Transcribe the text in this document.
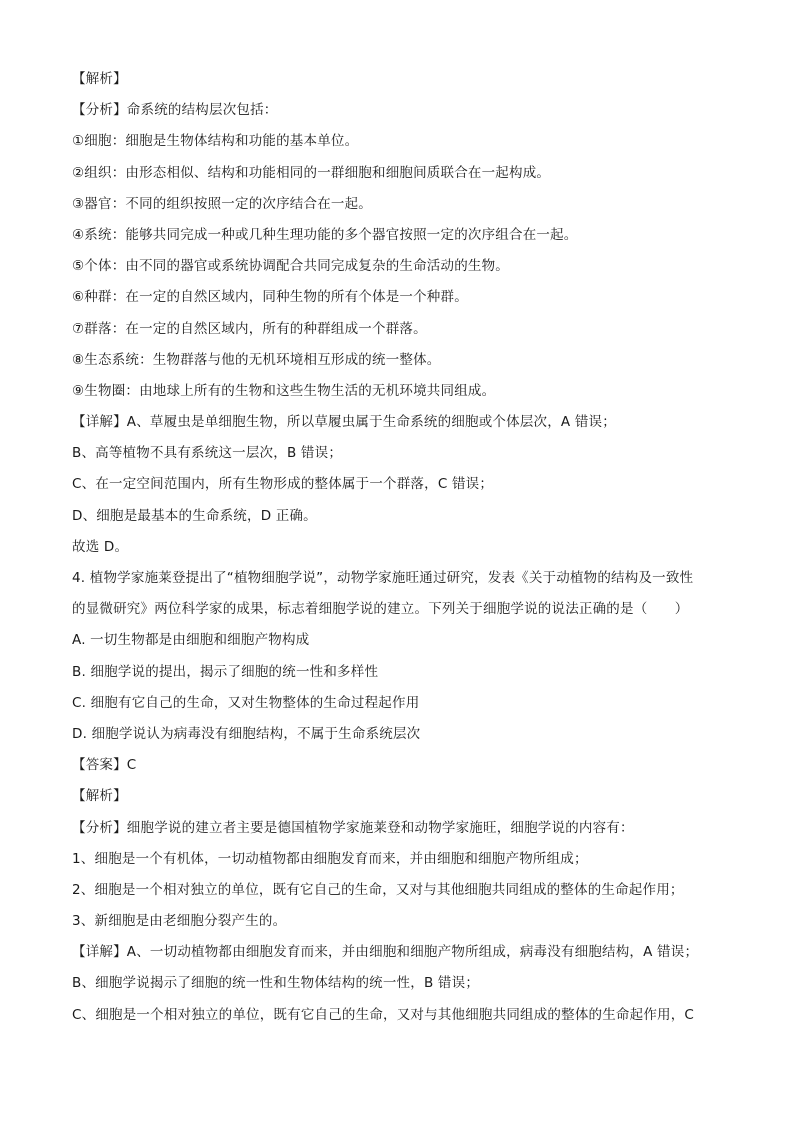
【解析】
【分析】命系统的结构层次包括：
①细胞：细胞是生物体结构和功能的基本单位。
②组织：由形态相似、结构和功能相同的一群细胞和细胞间质联合在一起构成。
③器官：不同的组织按照一定的次序结合在一起。
④系统：能够共同完成一种或几种生理功能的多个器官按照一定的次序组合在一起。
⑤个体：由不同的器官或系统协调配合共同完成复杂的生命活动的生物。
⑥种群：在一定的自然区域内，同种生物的所有个体是一个种群。
⑦群落：在一定的自然区域内，所有的种群组成一个群落。
⑧生态系统：生物群落与他的无机环境相互形成的统一整体。
⑨生物圈：由地球上所有的生物和这些生物生活的无机环境共同组成。
【详解】A、草履虫是单细胞生物，所以草履虫属于生命系统的细胞或个体层次，A 错误；
B、高等植物不具有系统这一层次，B 错误；
C、在一定空间范围内，所有生物形成的整体属于一个群落，C 错误；
D、细胞是最基本的生命系统，D 正确。
故选 D。
4. 植物学家施莱登提出了“植物细胞学说”，动物学家施旺通过研究，发表《关于动植物的结构及一致性
的显微研究》两位科学家的成果，标志着细胞学说的建立。下列关于细胞学说的说法正确的是（　　）
A. 一切生物都是由细胞和细胞产物构成
B. 细胞学说的提出，揭示了细胞的统一性和多样性
C. 细胞有它自己的生命，又对生物整体的生命过程起作用
D. 细胞学说认为病毒没有细胞结构，不属于生命系统层次
【答案】C
【解析】
【分析】细胞学说的建立者主要是德国植物学家施莱登和动物学家施旺，细胞学说的内容有：
1、细胞是一个有机体，一切动植物都由细胞发育而来，并由细胞和细胞产物所组成；
2、细胞是一个相对独立的单位，既有它自己的生命，又对与其他细胞共同组成的整体的生命起作用；
3、新细胞是由老细胞分裂产生的。
【详解】A、一切动植物都由细胞发育而来，并由细胞和细胞产物所组成，病毒没有细胞结构，A 错误；
B、细胞学说揭示了细胞的统一性和生物体结构的统一性，B 错误；
C、细胞是一个相对独立的单位，既有它自己的生命，又对与其他细胞共同组成的整体的生命起作用，C
